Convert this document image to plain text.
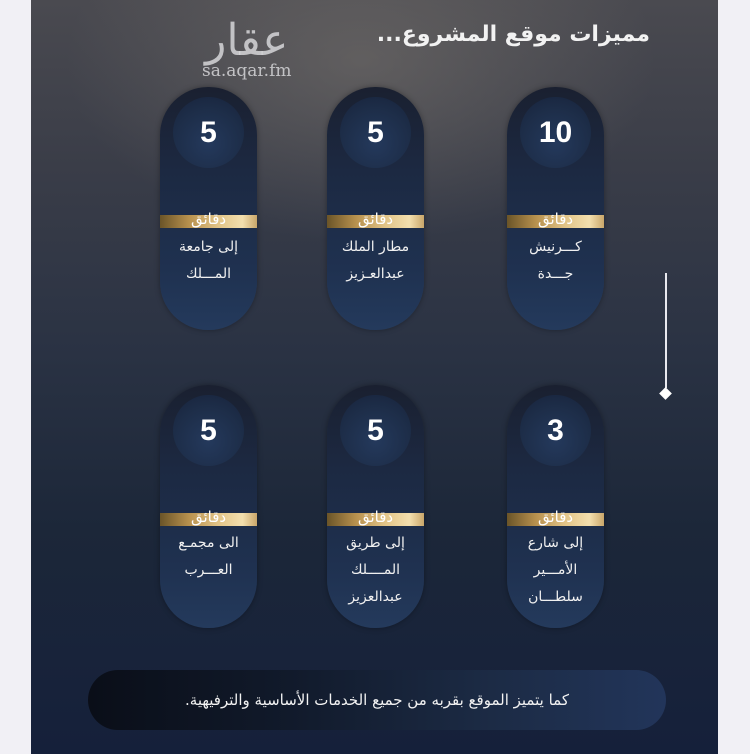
عقار
sa.aqar.fm
مميزات موقع المشروع...
10
دقائق
كـــرنيش
جـــدة
5
دقائق
مطار الملك
عبدالعـزيز
5
دقائق
إلى جامعة
المـــلك
3
دقائق
إلى شارع
الأمـــير
سلطـــان
5
دقائق
إلى طريق
المــــلك
عبدالعزيز
5
دقائق
الى مجمـع
العـــرب
كما يتميز الموقع بقربه من جميع الخدمات الأساسية والترفيهية.
